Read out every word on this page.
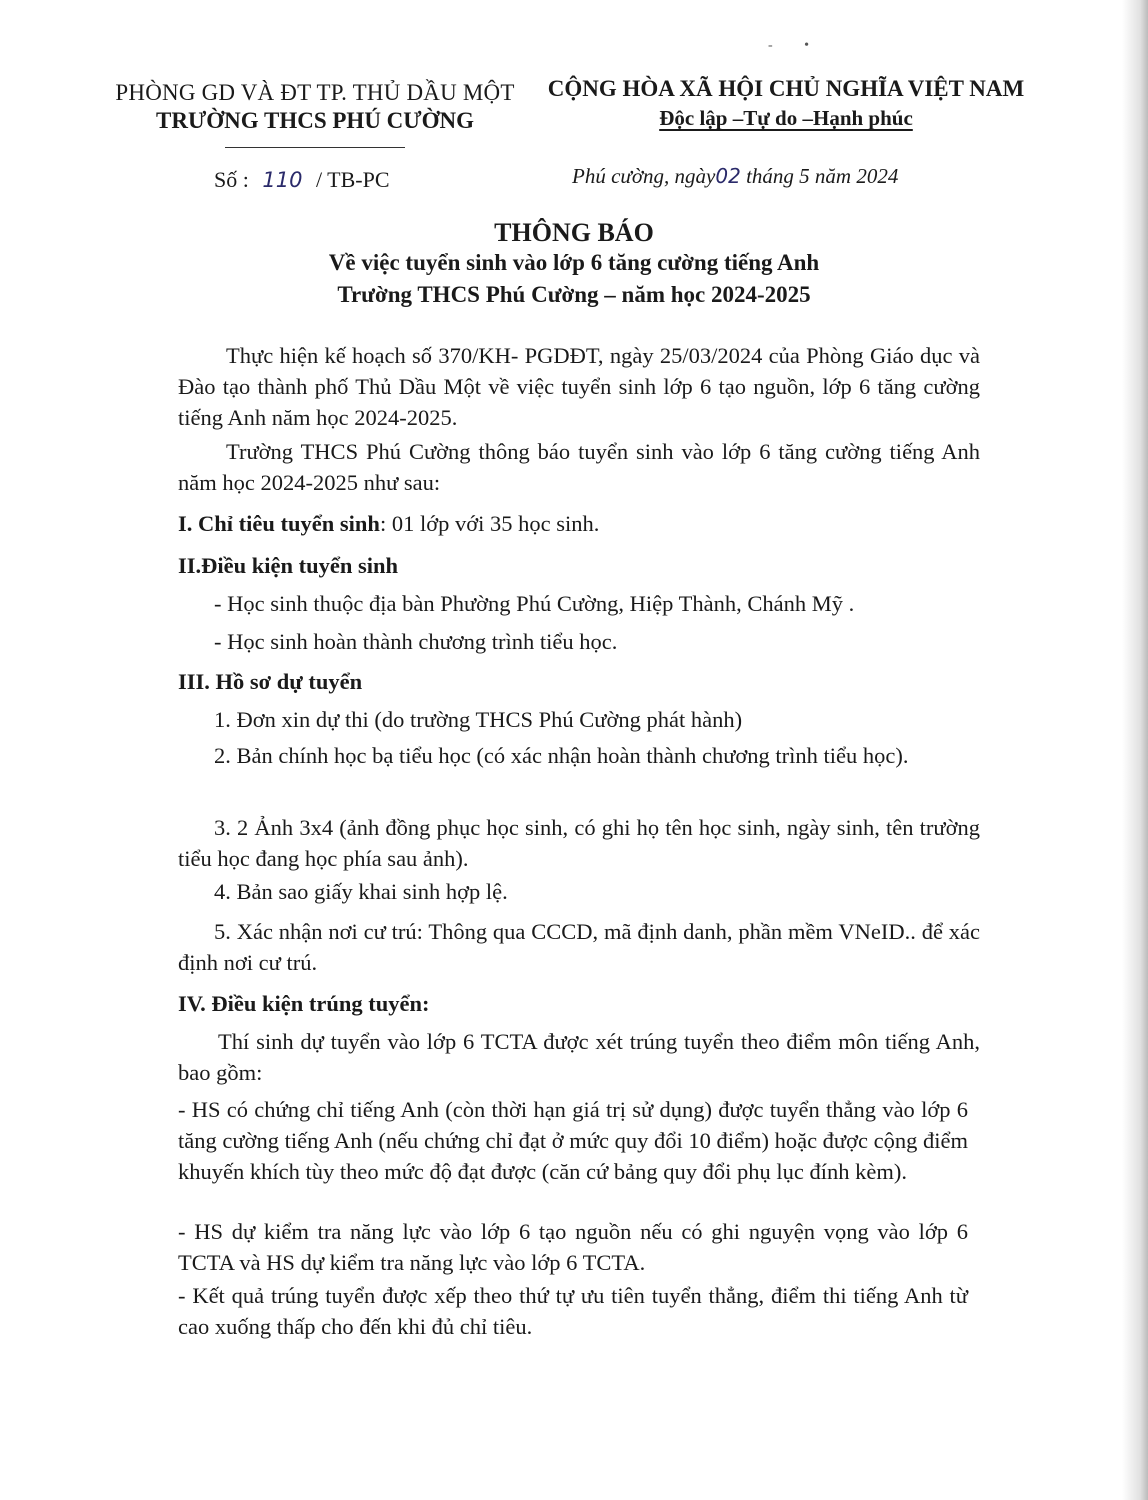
- •
PHÒNG GD VÀ ĐT TP. THỦ DẦU MỘT
TRƯỜNG THCS PHÚ CƯỜNG
CỘNG HÒA XÃ HỘI CHỦ NGHĨA VIỆT NAM
Độc lập –Tự do –Hạnh phúc
Số : 110 / TB-PC	Phú cường, ngày02 tháng 5 năm 2024
THÔNG BÁO
Về việc tuyển sinh vào lớp 6 tăng cường tiếng Anh
Trường THCS Phú Cường – năm học 2024-2025
Thực hiện kế hoạch số 370/KH- PGDĐT, ngày 25/03/2024 của Phòng Giáo dục và Đào tạo thành phố Thủ Dầu Một về việc tuyển sinh lớp 6 tạo nguồn, lớp 6 tăng cường tiếng Anh năm học 2024-2025.
Trường THCS Phú Cường thông báo tuyển sinh vào lớp 6 tăng cường tiếng Anh năm học 2024-2025 như sau:
I. Chỉ tiêu tuyển sinh: 01 lớp với 35 học sinh.
II.Điều kiện tuyển sinh
- Học sinh thuộc địa bàn Phường Phú Cường, Hiệp Thành, Chánh Mỹ .
- Học sinh hoàn thành chương trình tiểu học.
III. Hồ sơ dự tuyển
1. Đơn xin dự thi (do trường THCS Phú Cường phát hành)
2. Bản chính học bạ tiểu học (có xác nhận hoàn thành chương trình tiểu học).
3. 2 Ảnh 3x4 (ảnh đồng phục học sinh, có ghi họ tên học sinh, ngày sinh, tên trường tiểu học đang học phía sau ảnh).
4. Bản sao giấy khai sinh hợp lệ.
5. Xác nhận nơi cư trú: Thông qua CCCD, mã định danh, phần mềm VNeID.. để xác định nơi cư trú.
IV. Điều kiện trúng tuyển:
Thí sinh dự tuyển vào lớp 6 TCTA được xét trúng tuyển theo điểm môn tiếng Anh, bao gồm:
- HS có chứng chỉ tiếng Anh (còn thời hạn giá trị sử dụng) được tuyển thẳng vào lớp 6 tăng cường tiếng Anh (nếu chứng chỉ đạt ở mức quy đổi 10 điểm) hoặc được cộng điểm khuyến khích tùy theo mức độ đạt được (căn cứ bảng quy đổi phụ lục đính kèm).
- HS dự kiểm tra năng lực vào lớp 6 tạo nguồn nếu có ghi nguyện vọng vào lớp 6 TCTA và HS dự kiểm tra năng lực vào lớp 6 TCTA.
- Kết quả trúng tuyển được xếp theo thứ tự ưu tiên tuyển thẳng, điểm thi tiếng Anh từ cao xuống thấp cho đến khi đủ chỉ tiêu.
